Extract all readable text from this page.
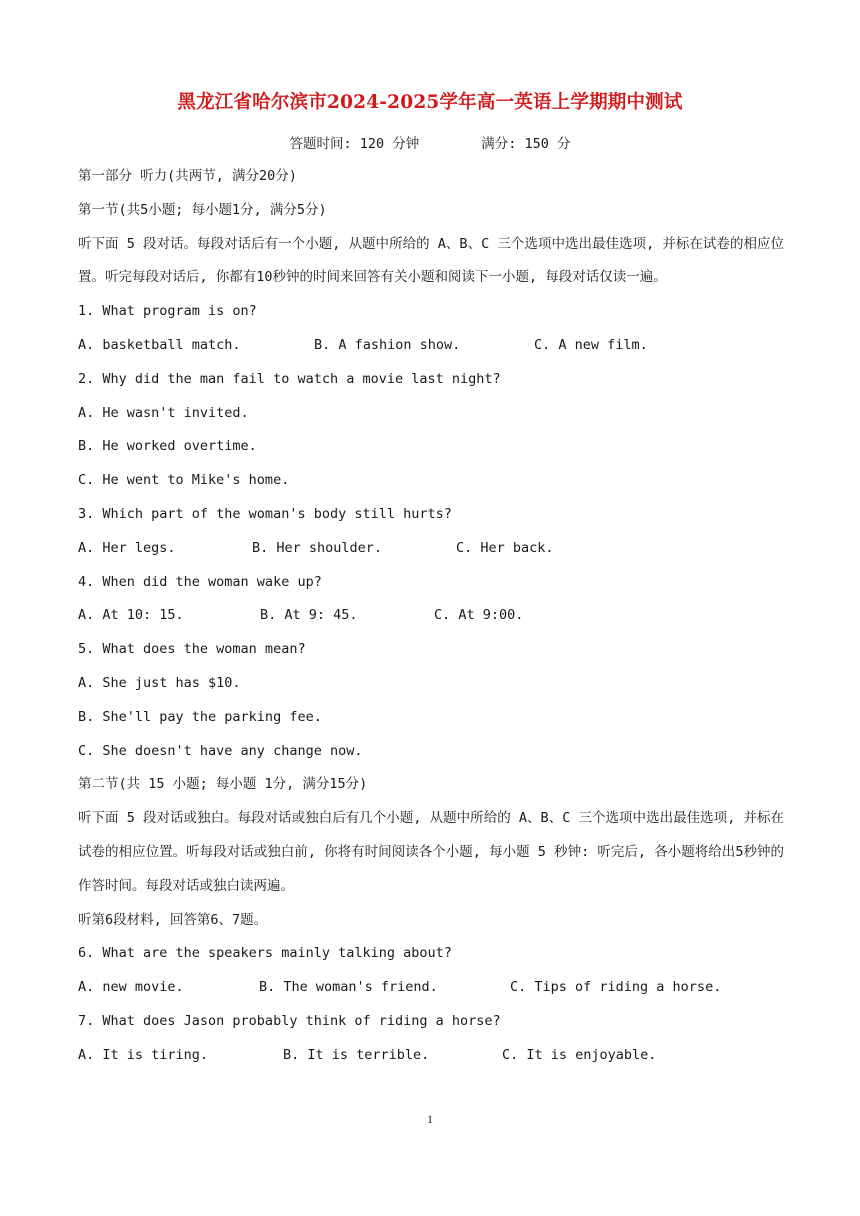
黑龙江省哈尔滨市2024-2025学年高一英语上学期期中测试
答题时间: 120 分钟	满分: 150 分

第一部分 听力(共两节, 满分20分)

第一节(共5小题; 每小题1分, 满分5分)

听下面 5 段对话。每段对话后有一个小题, 从题中所给的 A、B、C 三个选项中选出最佳选项, 并标在试卷的相应位置。听完每段对话后, 你都有10秒钟的时间来回答有关小题和阅读下一小题, 每段对话仅读一遍。

1. What program is on?

A. basketball match.	B. A fashion show.	C. A new film.

2. Why did the man fail to watch a movie last night?

A. He wasn't invited.

B. He worked overtime.

C. He went to Mike's home.

3. Which part of the woman's body still hurts?

A. Her legs.	B. Her shoulder.	C. Her back.

4. When did the woman wake up?

A. At 10: 15.	B. At 9: 45.	C. At 9:00.

5. What does the woman mean?

A. She just has $10.

B. She'll pay the parking fee.

C. She doesn't have any change now.

第二节(共 15 小题; 每小题 1分, 满分15分)

听下面 5 段对话或独白。每段对话或独白后有几个小题, 从题中所给的 A、B、C 三个选项中选出最佳选项, 并标在试卷的相应位置。听每段对话或独白前, 你将有时间阅读各个小题, 每小题 5 秒钟: 听完后, 各小题将给出5秒钟的作答时间。每段对话或独白读两遍。

听第6段材料, 回答第6、7题。

6. What are the speakers mainly talking about?

A. new movie.	B. The woman's friend.	C. Tips of riding a horse.

7. What does Jason probably think of riding a horse?

A. It is tiring.	B. It is terrible.	C. It is enjoyable.
1
